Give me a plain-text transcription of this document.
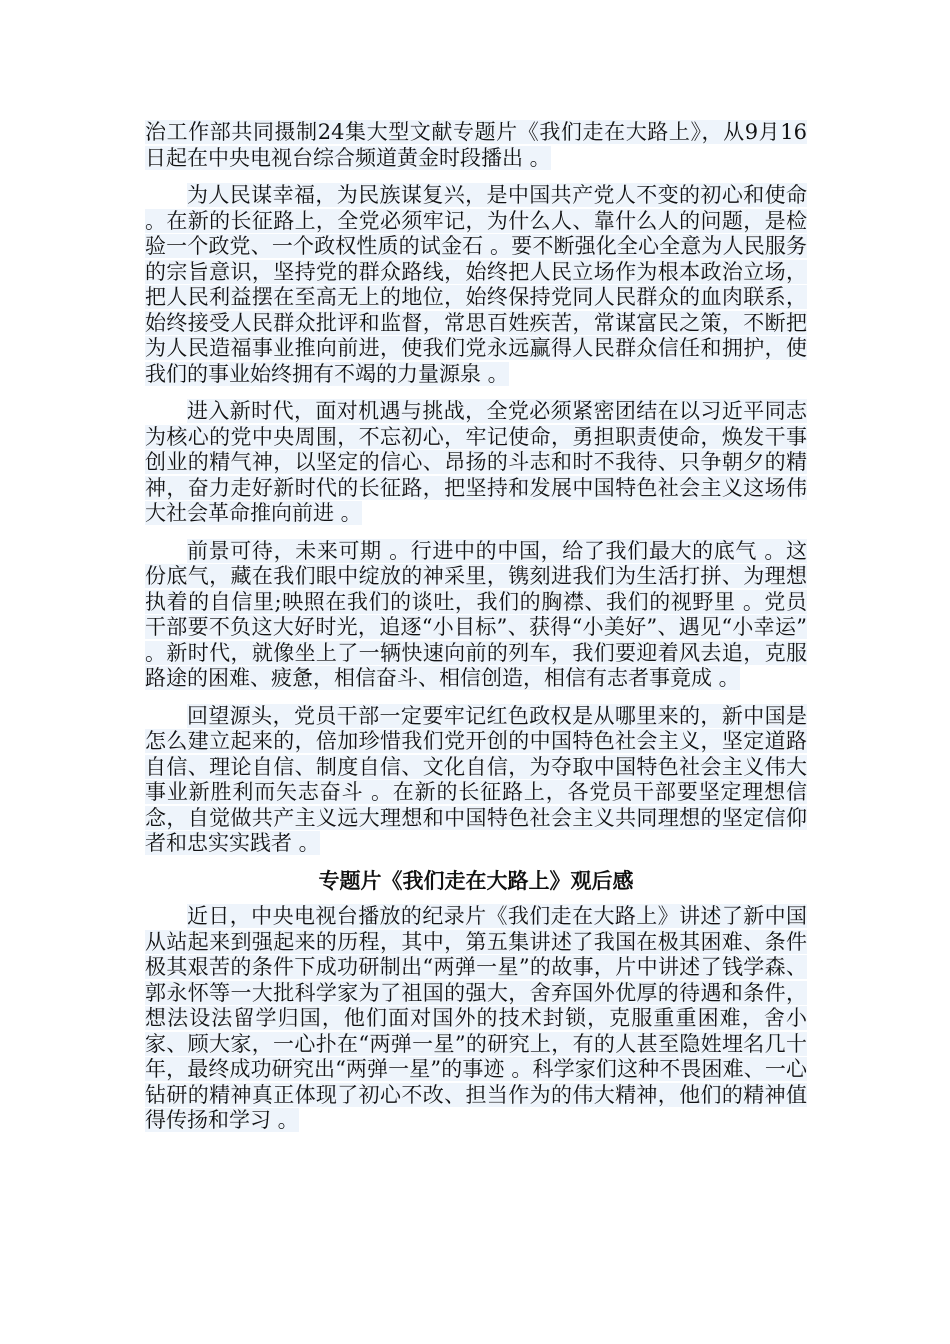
治工作部共同摄制24集大型文献专题片《我们走在大路上》，从9月16日起在中央电视台综合频道黄金时段播出 。

为人民谋幸福，为民族谋复兴，是中国共产党人不变的初心和使命 。在新的长征路上，全党必须牢记，为什么人、靠什么人的问题，是检验一个政党、一个政权性质的试金石 。要不断强化全心全意为人民服务的宗旨意识，坚持党的群众路线，始终把人民立场作为根本政治立场，把人民利益摆在至高无上的地位，始终保持党同人民群众的血肉联系，始终接受人民群众批评和监督，常思百姓疾苦，常谋富民之策，不断把为人民造福事业推向前进，使我们党永远赢得人民群众信任和拥护，使我们的事业始终拥有不竭的力量源泉 。

进入新时代，面对机遇与挑战，全党必须紧密团结在以习近平同志为核心的党中央周围，不忘初心，牢记使命，勇担职责使命，焕发干事创业的精气神，以坚定的信心、昂扬的斗志和时不我待、只争朝夕的精神，奋力走好新时代的长征路，把坚持和发展中国特色社会主义这场伟大社会革命推向前进 。

前景可待，未来可期 。行进中的中国，给了我们最大的底气 。这份底气，藏在我们眼中绽放的神采里，镌刻进我们为生活打拼、为理想执着的自信里;映照在我们的谈吐，我们的胸襟、我们的视野里 。党员干部要不负这大好时光，追逐“小目标”、获得“小美好”、遇见“小幸运” 。新时代，就像坐上了一辆快速向前的列车，我们要迎着风去追，克服路途的困难、疲惫，相信奋斗、相信创造，相信有志者事竟成 。

回望源头，党员干部一定要牢记红色政权是从哪里来的，新中国是怎么建立起来的，倍加珍惜我们党开创的中国特色社会主义，坚定道路自信、理论自信、制度自信、文化自信，为夺取中国特色社会主义伟大事业新胜利而矢志奋斗 。在新的长征路上，各党员干部要坚定理想信念，自觉做共产主义远大理想和中国特色社会主义共同理想的坚定信仰者和忠实实践者 。

专题片《我们走在大路上》观后感

近日，中央电视台播放的纪录片《我们走在大路上》讲述了新中国从站起来到强起来的历程，其中，第五集讲述了我国在极其困难、条件极其艰苦的条件下成功研制出“两弹一星”的故事，片中讲述了钱学森、郭永怀等一大批科学家为了祖国的强大，舍弃国外优厚的待遇和条件，想法设法留学归国，他们面对国外的技术封锁，克服重重困难，舍小家、顾大家，一心扑在“两弹一星”的研究上，有的人甚至隐姓埋名几十年，最终成功研究出“两弹一星”的事迹 。科学家们这种不畏困难、一心钻研的精神真正体现了初心不改、担当作为的伟大精神，他们的精神值得传扬和学习 。
